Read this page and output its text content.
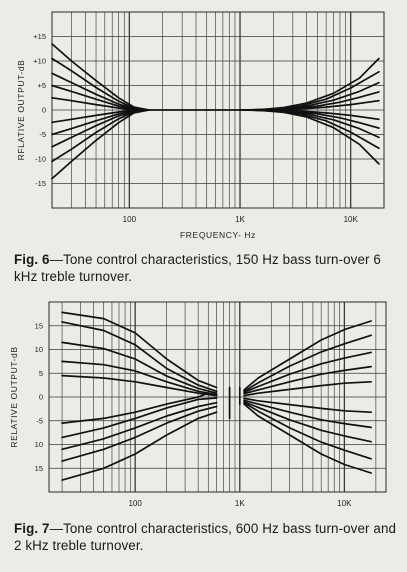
+15
+10
+5
0
-5
-10
-15
100	1K	10K
FREQUENCY- Hz
RFLATIVE OUTPUT-dB
Fig. 6—Tone control characteristics, 150 Hz bass turn-over 6 kHz treble turnover.
15
10
5
0
-5
10
15
100	1K	10K
RELATIVE OUTPUT-dB
Fig. 7—Tone control characteristics, 600 Hz bass turn-over and 2 kHz treble turnover.
